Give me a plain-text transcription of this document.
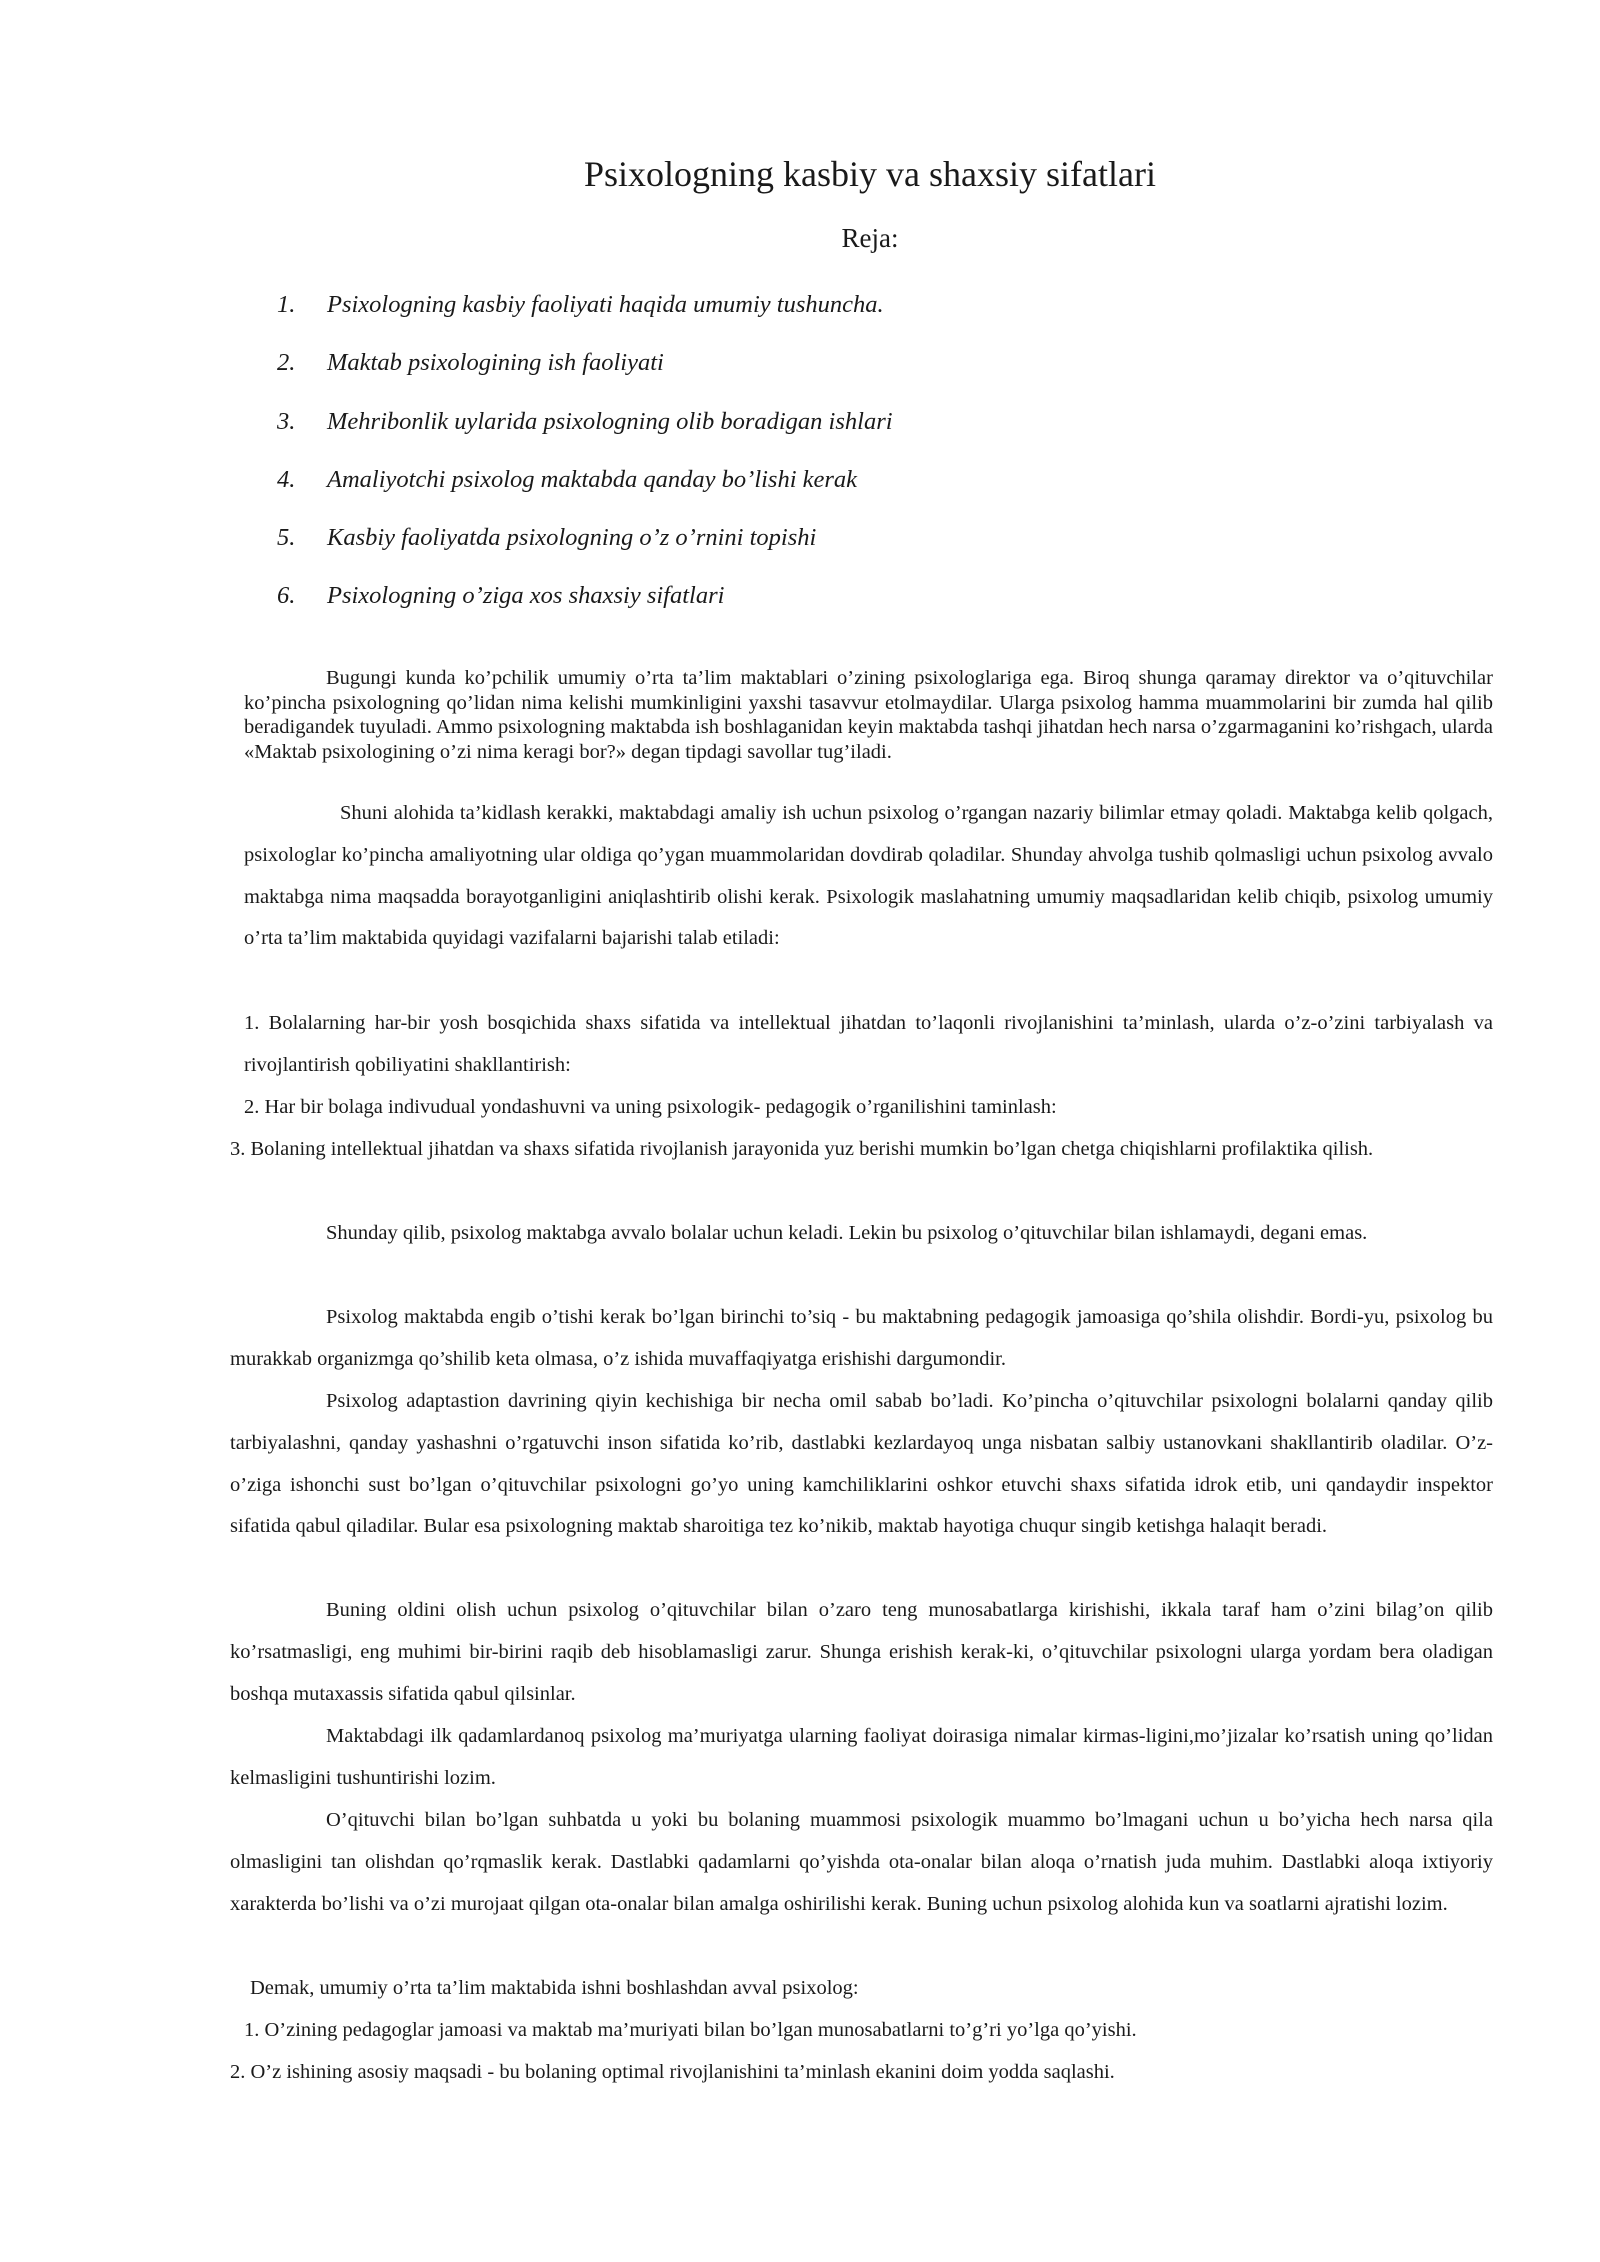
Psixologning kasbiy va shaxsiy sifatlari
Reja:
1.	Psixologning kasbiy faoliyati haqida umumiy tushuncha.
2.	Maktab psixologining ish faoliyati
3.	Mehribonlik uylarida psixologning olib boradigan ishlari
4.	Amaliyotchi psixolog maktabda qanday bo’lishi kerak
5.	Kasbiy faoliyatda psixologning o’z o’rnini topishi
6.	Psixologning o’ziga xos shaxsiy sifatlari

Bugungi kunda ko’pchilik umumiy o’rta ta’lim maktablari o’zining psixologlariga ega. Biroq shunga qaramay direktor va o’qituvchilar ko’pincha psixologning qo’lidan nima kelishi mumkinligini yaxshi tasavvur etolmaydilar. Ularga psixolog hamma muammolarini bir zumda hal qilib beradigandek tuyuladi. Ammo psixologning maktabda ish boshlaganidan keyin maktabda tashqi jihatdan hech narsa o’zgarmaganini ko’rishgach, ularda «Maktab psixologining o’zi nima keragi bor?» degan tipdagi savollar tug’iladi.

Shuni alohida ta’kidlash kerakki, maktabdagi amaliy ish uchun psixolog o’rgangan nazariy bilimlar etmay qoladi. Maktabga kelib qolgach, psixologlar ko’pincha amaliyotning ular oldiga qo’ygan muammolaridan dovdirab qoladilar. Shunday ahvolga tushib qolmasligi uchun psixolog avvalo maktabga nima maqsadda borayotganligini aniqlashtirib olishi kerak. Psixologik maslahatning umumiy maqsadlaridan kelib chiqib, psixolog umumiy o’rta ta’lim maktabida quyidagi vazifalarni bajarishi talab etiladi:

1. Bolalarning har-bir yosh bosqichida shaxs sifatida va intellektual jihatdan to’laqonli rivojlanishini ta’minlash, ularda o’z-o’zini tarbiyalash va rivojlantirish qobiliyatini shakllantirish:

2. Har bir bolaga indivudual yondashuvni va uning psixologik- pedagogik o’rganilishini taminlash:

3. Bolaning intellektual jihatdan va shaxs sifatida rivojlanish jarayonida yuz berishi mumkin bo’lgan chetga chiqishlarni profilaktika qilish.

Shunday qilib, psixolog maktabga avvalo bolalar uchun keladi. Lekin bu psixolog o’qituvchilar bilan ishlamaydi, degani emas.

Psixolog maktabda engib o’tishi kerak bo’lgan birinchi to’siq - bu maktabning pedagogik jamoasiga qo’shila olishdir. Bordi-yu, psixolog bu murakkab organizmga qo’shilib keta olmasa, o’z ishida muvaffaqiyatga erishishi dargumondir.

Psixolog adaptastion davrining qiyin kechishiga bir necha omil sabab bo’ladi. Ko’pincha o’qituvchilar psixologni bolalarni qanday qilib tarbiyalashni, qanday yashashni o’rgatuvchi inson sifatida ko’rib, dastlabki kezlardayoq unga nisbatan salbiy ustanovkani shakllantirib oladilar. O’z- o’ziga ishonchi sust bo’lgan o’qituvchilar psixologni go’yo uning kamchiliklarini oshkor etuvchi shaxs sifatida idrok etib, uni qandaydir inspektor sifatida qabul qiladilar. Bular esa psixologning maktab sharoitiga tez ko’nikib, maktab hayotiga chuqur singib ketishga halaqit beradi.

Buning oldini olish uchun psixolog o’qituvchilar bilan o’zaro teng munosabatlarga kirishishi, ikkala taraf ham o’zini bilag’on qilib ko’rsatmasligi, eng muhimi bir-birini raqib deb hisoblamasligi zarur. Shunga erishish kerak-ki, o’qituvchilar psixologni ularga yordam bera oladigan boshqa mutaxassis sifatida qabul qilsinlar.

Maktabdagi ilk qadamlardanoq psixolog ma’muriyatga ularning faoliyat doirasiga nimalar kirmas-ligini,mo’jizalar ko’rsatish uning qo’lidan kelmasligini tushuntirishi lozim.

O’qituvchi bilan bo’lgan suhbatda u yoki bu bolaning muammosi psixologik muammo bo’lmagani uchun u bo’yicha hech narsa qila olmasligini tan olishdan qo’rqmaslik kerak. Dastlabki qadamlarni qo’yishda ota-onalar bilan aloqa o’rnatish juda muhim. Dastlabki aloqa ixtiyoriy xarakterda bo’lishi va o’zi murojaat qilgan ota-onalar bilan amalga oshirilishi kerak. Buning uchun psixolog alohida kun va soatlarni ajratishi lozim.

Demak, umumiy o’rta ta’lim maktabida ishni boshlashdan avval psixolog:

1. O’zining pedagoglar jamoasi va maktab ma’muriyati bilan bo’lgan munosabatlarni to’g’ri yo’lga qo’yishi.

2. O’z ishining asosiy maqsadi - bu bolaning optimal rivojlanishini ta’minlash ekanini doim yodda saqlashi.
